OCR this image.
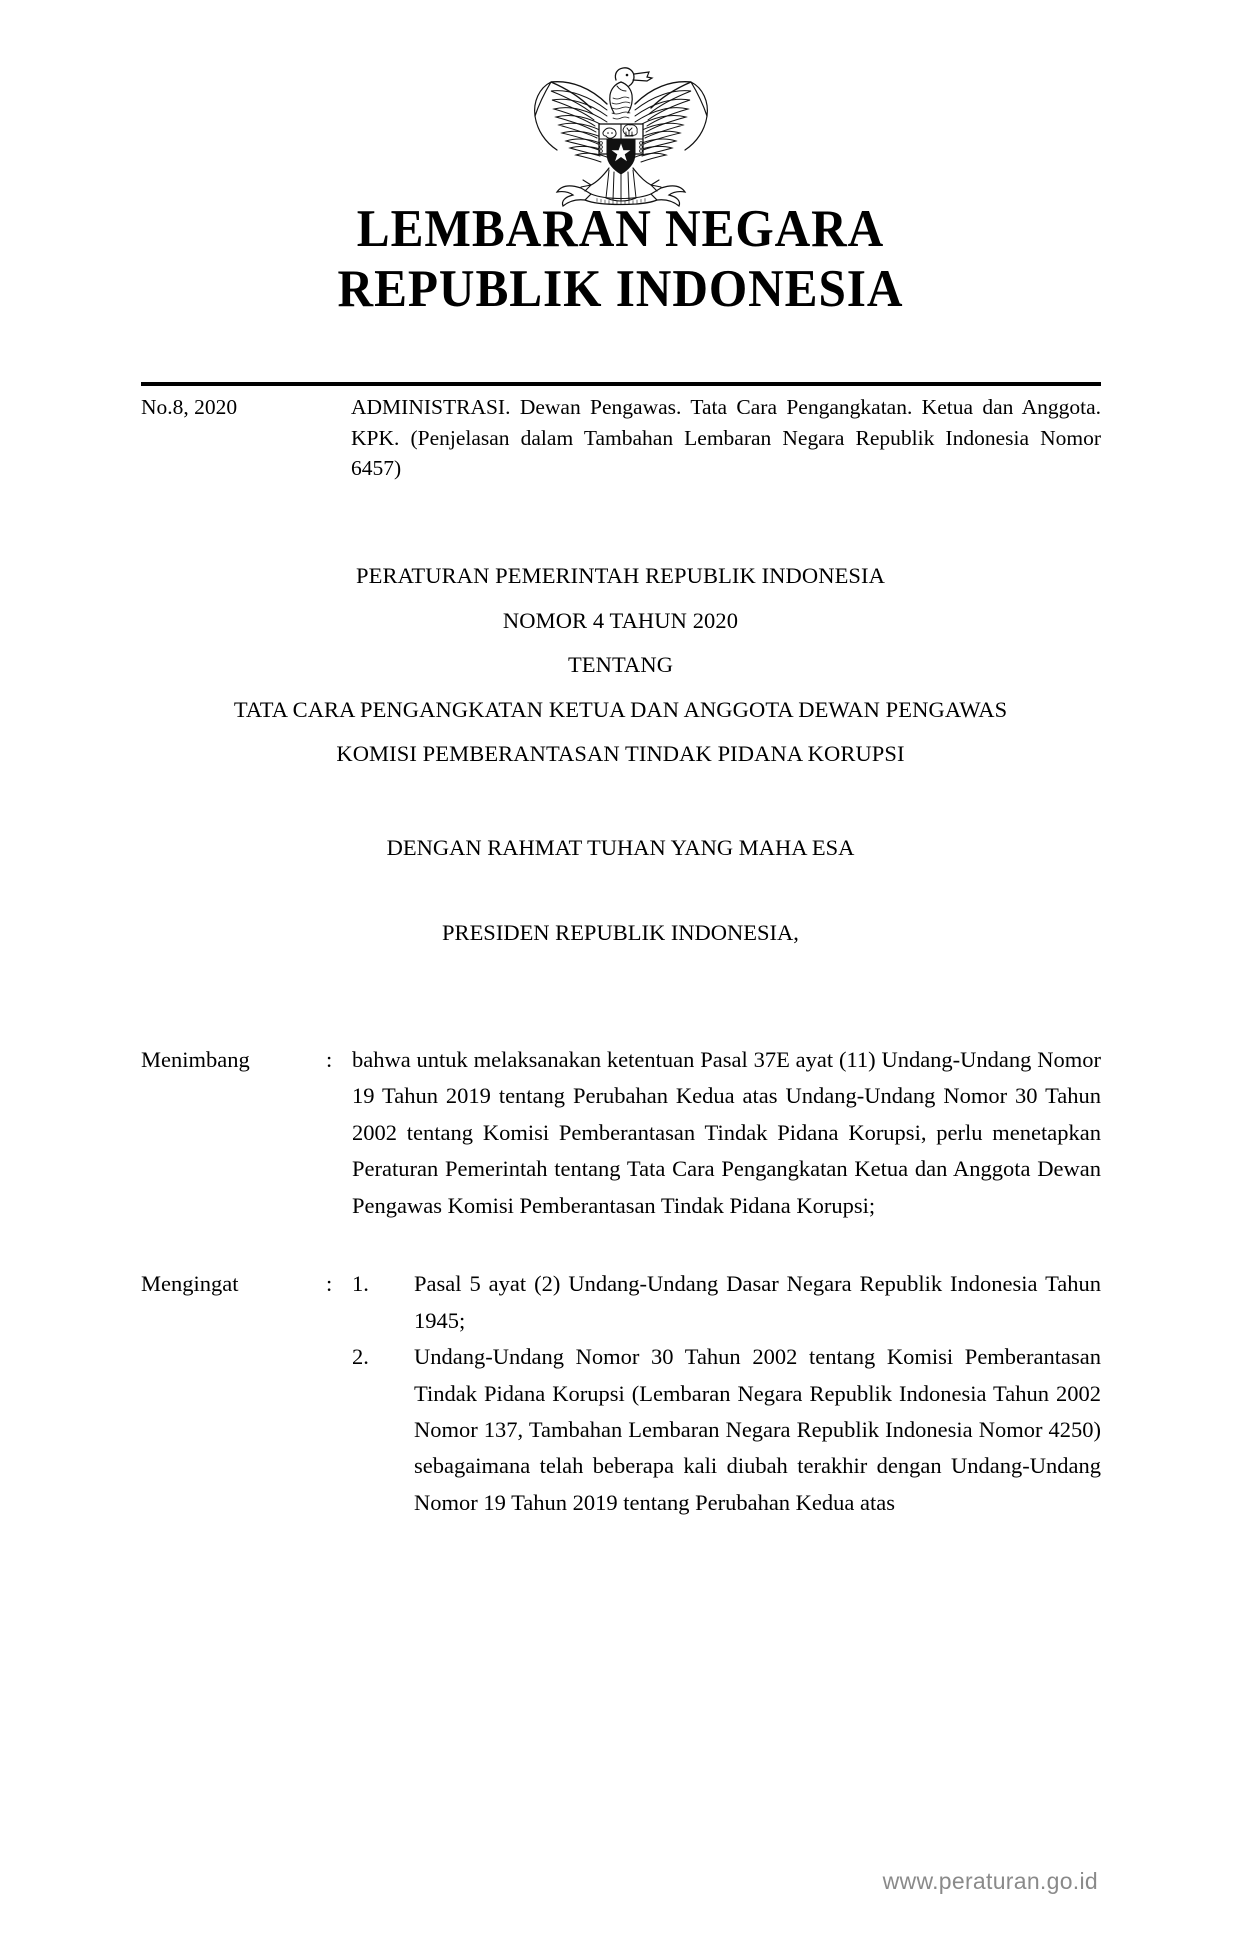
LEMBARAN NEGARA
REPUBLIK INDONESIA
No.8, 2020	ADMINISTRASI. Dewan Pengawas. Tata Cara Pengangkatan. Ketua dan Anggota. KPK. (Penjelasan dalam Tambahan Lembaran Negara Republik Indonesia Nomor 6457)
PERATURAN PEMERINTAH REPUBLIK INDONESIA
NOMOR 4 TAHUN 2020
TENTANG
TATA CARA PENGANGKATAN KETUA DAN ANGGOTA DEWAN PENGAWAS
KOMISI PEMBERANTASAN TINDAK PIDANA KORUPSI
DENGAN RAHMAT TUHAN YANG MAHA ESA
PRESIDEN REPUBLIK INDONESIA,
Menimbang	: bahwa untuk melaksanakan ketentuan Pasal 37E ayat (11) Undang-Undang Nomor 19 Tahun 2019 tentang Perubahan Kedua atas Undang-Undang Nomor 30 Tahun 2002 tentang Komisi Pemberantasan Tindak Pidana Korupsi, perlu menetapkan Peraturan Pemerintah tentang Tata Cara Pengangkatan Ketua dan Anggota Dewan Pengawas Komisi Pemberantasan Tindak Pidana Korupsi;
Mengingat	: 1.	Pasal 5 ayat (2) Undang-Undang Dasar Negara Republik Indonesia Tahun 1945;
2.	Undang-Undang Nomor 30 Tahun 2002 tentang Komisi Pemberantasan Tindak Pidana Korupsi (Lembaran Negara Republik Indonesia Tahun 2002 Nomor 137, Tambahan Lembaran Negara Republik Indonesia Nomor 4250) sebagaimana telah beberapa kali diubah terakhir dengan Undang-Undang Nomor 19 Tahun 2019 tentang Perubahan Kedua atas
www.peraturan.go.id
